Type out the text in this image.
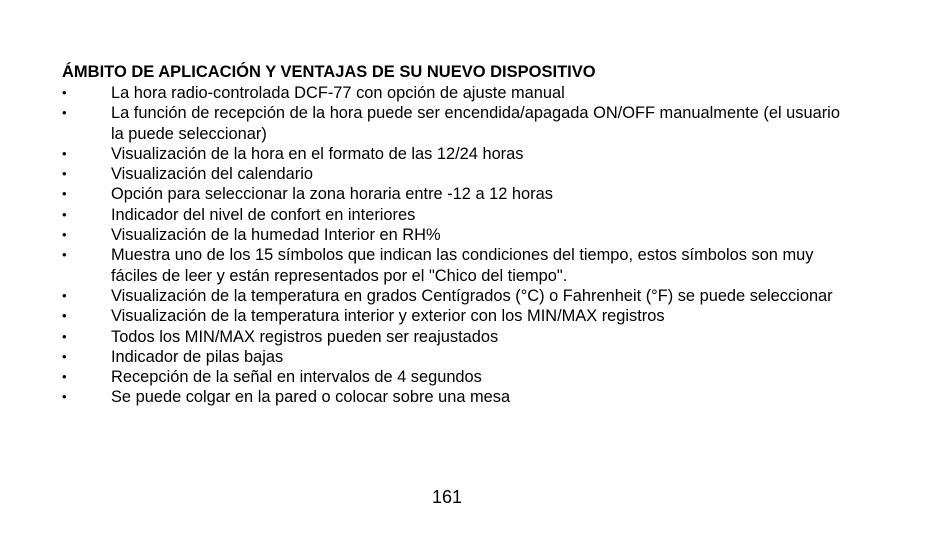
ÁMBITO DE APLICACIÓN Y VENTAJAS DE SU NUEVO DISPOSITIVO
•	La hora radio-controlada DCF-77 con opción de ajuste manual
•	La función de recepción de la hora puede ser encendida/apagada ON/OFF manualmente (el usuario la puede seleccionar)
•	Visualización de la hora en el formato de las 12/24 horas
•	Visualización del calendario
•	Opción para seleccionar la zona horaria entre -12 a 12 horas
•	Indicador del nivel de confort en interiores
•	Visualización de la humedad Interior en RH%
•	Muestra uno de los 15 símbolos que indican las condiciones del tiempo, estos símbolos son muy fáciles de leer y están representados por el "Chico del tiempo".
•	Visualización de la temperatura en grados Centígrados (°C) o Fahrenheit (°F) se puede seleccionar
•	Visualización de la temperatura interior y exterior con los MIN/MAX registros
•	Todos los MIN/MAX registros pueden ser reajustados
•	Indicador de pilas bajas
•	Recepción de la señal en intervalos de 4 segundos
•	Se puede colgar en la pared o colocar sobre una mesa
161
